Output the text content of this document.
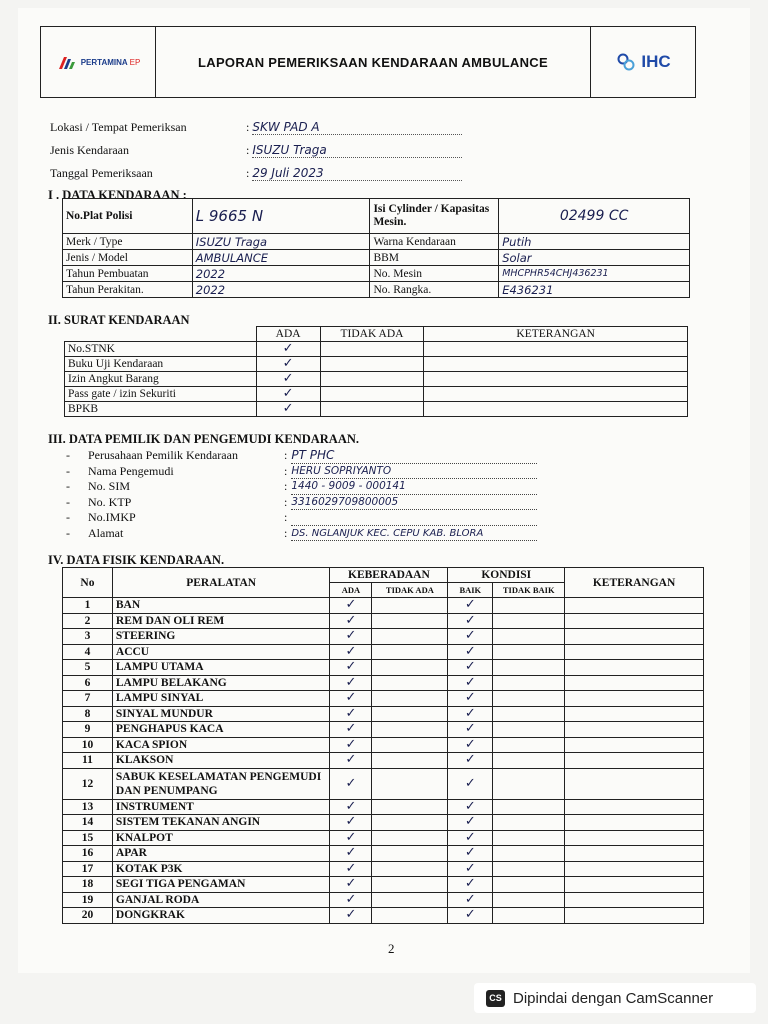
PERTAMINA EP	LAPORAN PEMERIKSAAN KENDARAAN AMBULANCE	IHC
Lokasi / Tempat Pemeriksan	: SKW PAD A
Jenis Kendaraan	: ISUZU Traga
Tanggal Pemeriksaan	: 29 Juli 2023
I . DATA KENDARAAN :
No.Plat Polisi	L 9665 N	Isi Cylinder / Kapasitas Mesin.	02499 CC
Merk / Type	ISUZU Traga	Warna Kendaraan	Putih
Jenis / Model	AMBULANCE	BBM	Solar
Tahun Pembuatan	2022	No. Mesin	MHCPHR54CHJ436231
Tahun Perakitan.	2022	No. Rangka.	E436231
II. SURAT KENDARAAN
	ADA	TIDAK ADA	KETERANGAN
No.STNK	✓		
Buku Uji Kendaraan	✓		
Izin Angkut Barang	✓		
Pass gate / izin Sekuriti	✓		
BPKB	✓		
III. DATA PEMILIK DAN PENGEMUDI KENDARAAN.
-	Perusahaan Pemilik Kendaraan	: PT PHC
-	Nama Pengemudi	: HERU SOPRIYANTO
-	No. SIM	: 1440 - 9009 - 000141
-	No. KTP	: 3316029709800005
-	No.IMKP	:
-	Alamat	: DS. NGLANJUK KEC. CEPU KAB. BLORA
IV. DATA FISIK KENDARAAN.
No	PERALATAN	KEBERADAAN		KONDISI		KETERANGAN
		ADA	TIDAK ADA	BAIK	TIDAK BAIK	
1	BAN	✓		✓		
2	REM DAN OLI REM	✓		✓		
3	STEERING	✓		✓		
4	ACCU	✓		✓		
5	LAMPU UTAMA	✓		✓		
6	LAMPU BELAKANG	✓		✓		
7	LAMPU SINYAL	✓		✓		
8	SINYAL MUNDUR	✓		✓		
9	PENGHAPUS KACA	✓		✓		
10	KACA SPION	✓		✓		
11	KLAKSON	✓		✓		
12	SABUK KESELAMATAN PENGEMUDI DAN PENUMPANG	✓		✓		
13	INSTRUMENT	✓		✓		
14	SISTEM TEKANAN ANGIN	✓		✓		
15	KNALPOT	✓		✓		
16	APAR	✓		✓		
17	KOTAK P3K	✓		✓		
18	SEGI TIGA PENGAMAN	✓		✓		
19	GANJAL RODA	✓		✓		
20	DONGKRAK	✓		✓		
2
CS Dipindai dengan CamScanner
